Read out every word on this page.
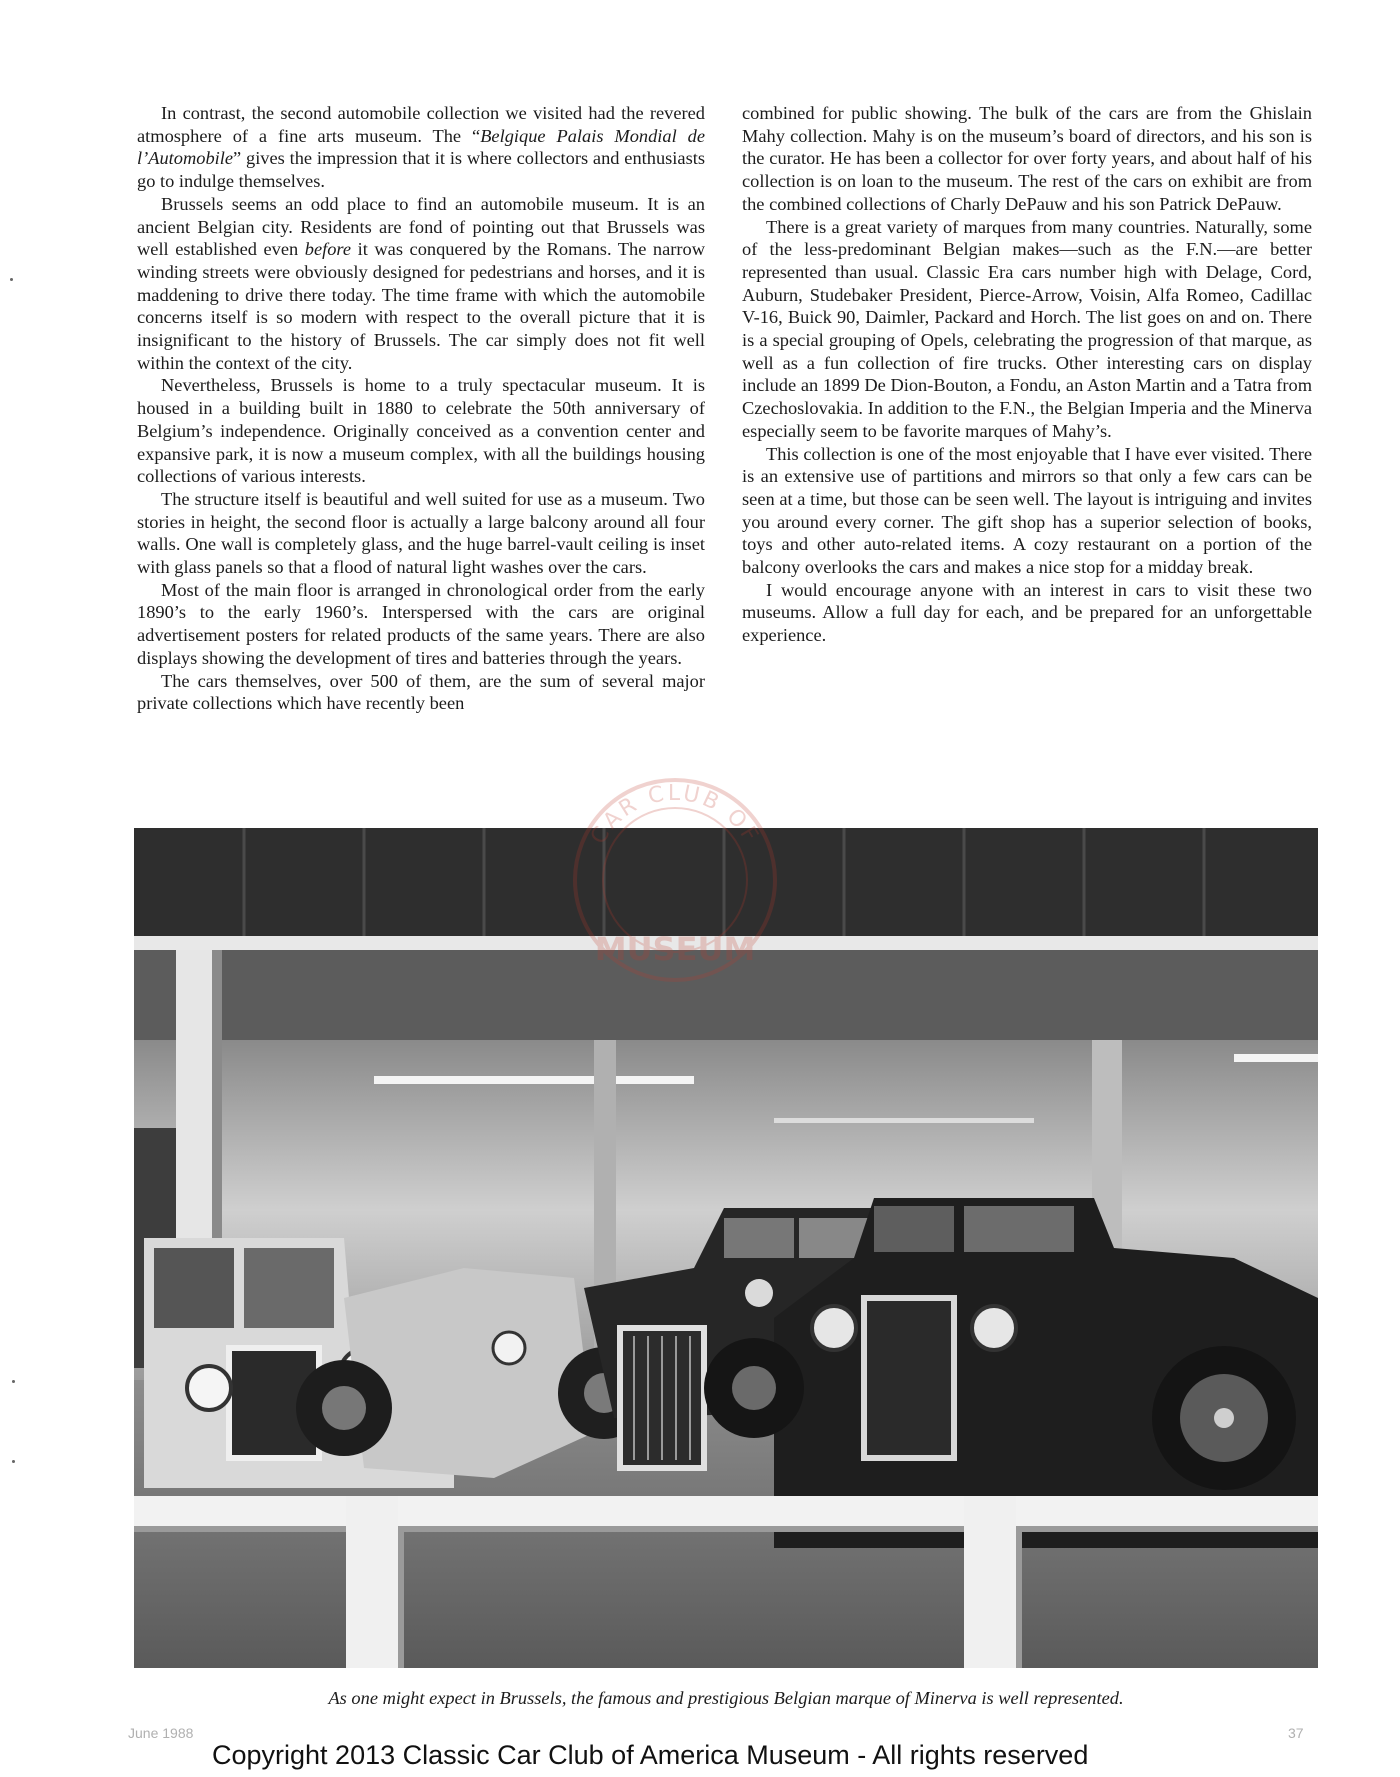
In contrast, the second automobile collection we visited had the revered atmosphere of a fine arts museum. The “Belgique Palais Mondial de l’Automobile” gives the impression that it is where collectors and enthusiasts go to indulge themselves.

Brussels seems an odd place to find an automobile museum. It is an ancient Belgian city. Residents are fond of pointing out that Brussels was well established even before it was conquered by the Romans. The narrow winding streets were obviously designed for pedestrians and horses, and it is maddening to drive there today. The time frame with which the automobile concerns itself is so modern with respect to the overall picture that it is insignificant to the history of Brussels. The car simply does not fit well within the context of the city.

Nevertheless, Brussels is home to a truly spectacular museum. It is housed in a building built in 1880 to celebrate the 50th anniversary of Belgium’s independence. Originally conceived as a convention center and expansive park, it is now a museum complex, with all the buildings housing collections of various interests.

The structure itself is beautiful and well suited for use as a museum. Two stories in height, the second floor is actually a large balcony around all four walls. One wall is completely glass, and the huge barrel-vault ceiling is inset with glass panels so that a flood of natural light washes over the cars.

Most of the main floor is arranged in chronological order from the early 1890’s to the early 1960’s. Interspersed with the cars are original advertisement posters for related products of the same years. There are also displays showing the development of tires and batteries through the years.

The cars themselves, over 500 of them, are the sum of several major private collections which have recently been

combined for public showing. The bulk of the cars are from the Ghislain Mahy collection. Mahy is on the museum’s board of directors, and his son is the curator. He has been a collector for over forty years, and about half of his collection is on loan to the museum. The rest of the cars on exhibit are from the combined collections of Charly DePauw and his son Patrick DePauw.

There is a great variety of marques from many countries. Naturally, some of the less-predominant Belgian makes—such as the F.N.—are better represented than usual. Classic Era cars number high with Delage, Cord, Auburn, Studebaker President, Pierce-Arrow, Voisin, Alfa Romeo, Cadillac V-16, Buick 90, Daimler, Packard and Horch. The list goes on and on. There is a special grouping of Opels, celebrating the progression of that marque, as well as a fun collection of fire trucks. Other interesting cars on display include an 1899 De Dion-Bouton, a Fondu, an Aston Martin and a Tatra from Czechoslovakia. In addition to the F.N., the Belgian Imperia and the Minerva especially seem to be favorite marques of Mahy’s.

This collection is one of the most enjoyable that I have ever visited. There is an extensive use of partitions and mirrors so that only a few cars can be seen at a time, but those can be seen well. The layout is intriguing and invites you around every corner. The gift shop has a superior selection of books, toys and other auto-related items. A cozy restaurant on a portion of the balcony overlooks the cars and makes a nice stop for a midday break.

I would encourage anyone with an interest in cars to visit these two museums. Allow a full day for each, and be prepared for an unforgettable experience.

As one might expect in Brussels, the famous and prestigious Belgian marque of Minerva is well represented.
CAR CLUB OF
MUSEUM
June 1988	37
Copyright 2013 Classic Car Club of America Museum - All rights reserved
